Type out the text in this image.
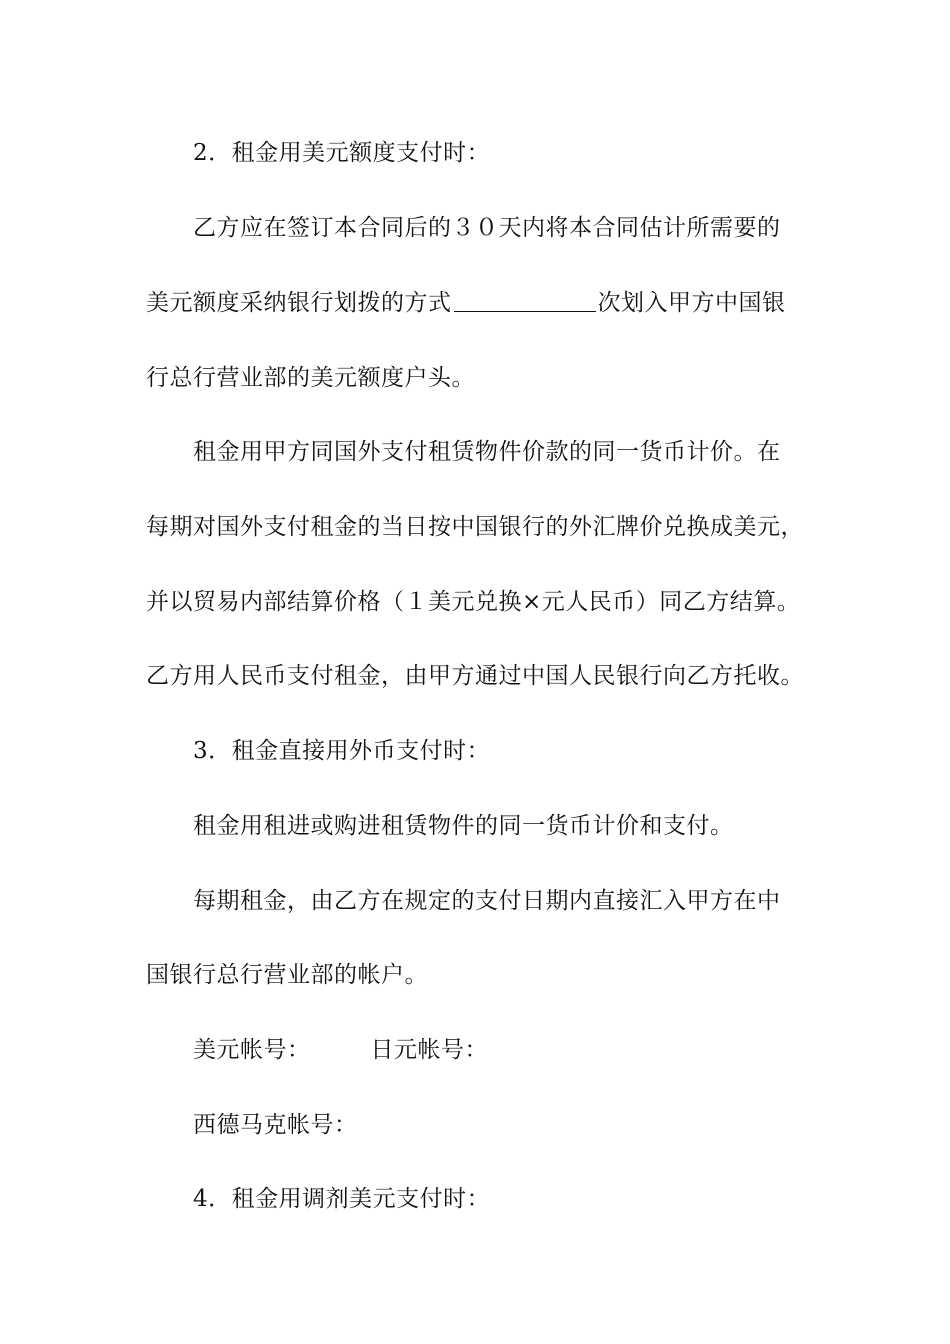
2．租金用美元额度支付时：
乙方应在签订本合同后的３０天内将本合同估计所需要的
美元额度采纳银行划拨的方式	次划入甲方中国银
行总行营业部的美元额度户头。
租金用甲方同国外支付租赁物件价款的同一货币计价。在
每期对国外支付租金的当日按中国银行的外汇牌价兑换成美元，
并以贸易内部结算价格（１美元兑换×元人民币）同乙方结算。
乙方用人民币支付租金，由甲方通过中国人民银行向乙方托收。
3．租金直接用外币支付时：
租金用租进或购进租赁物件的同一货币计价和支付。
每期租金，由乙方在规定的支付日期内直接汇入甲方在中
国银行总行营业部的帐户。
美元帐号：	日元帐号：
西德马克帐号：
4．租金用调剂美元支付时：
